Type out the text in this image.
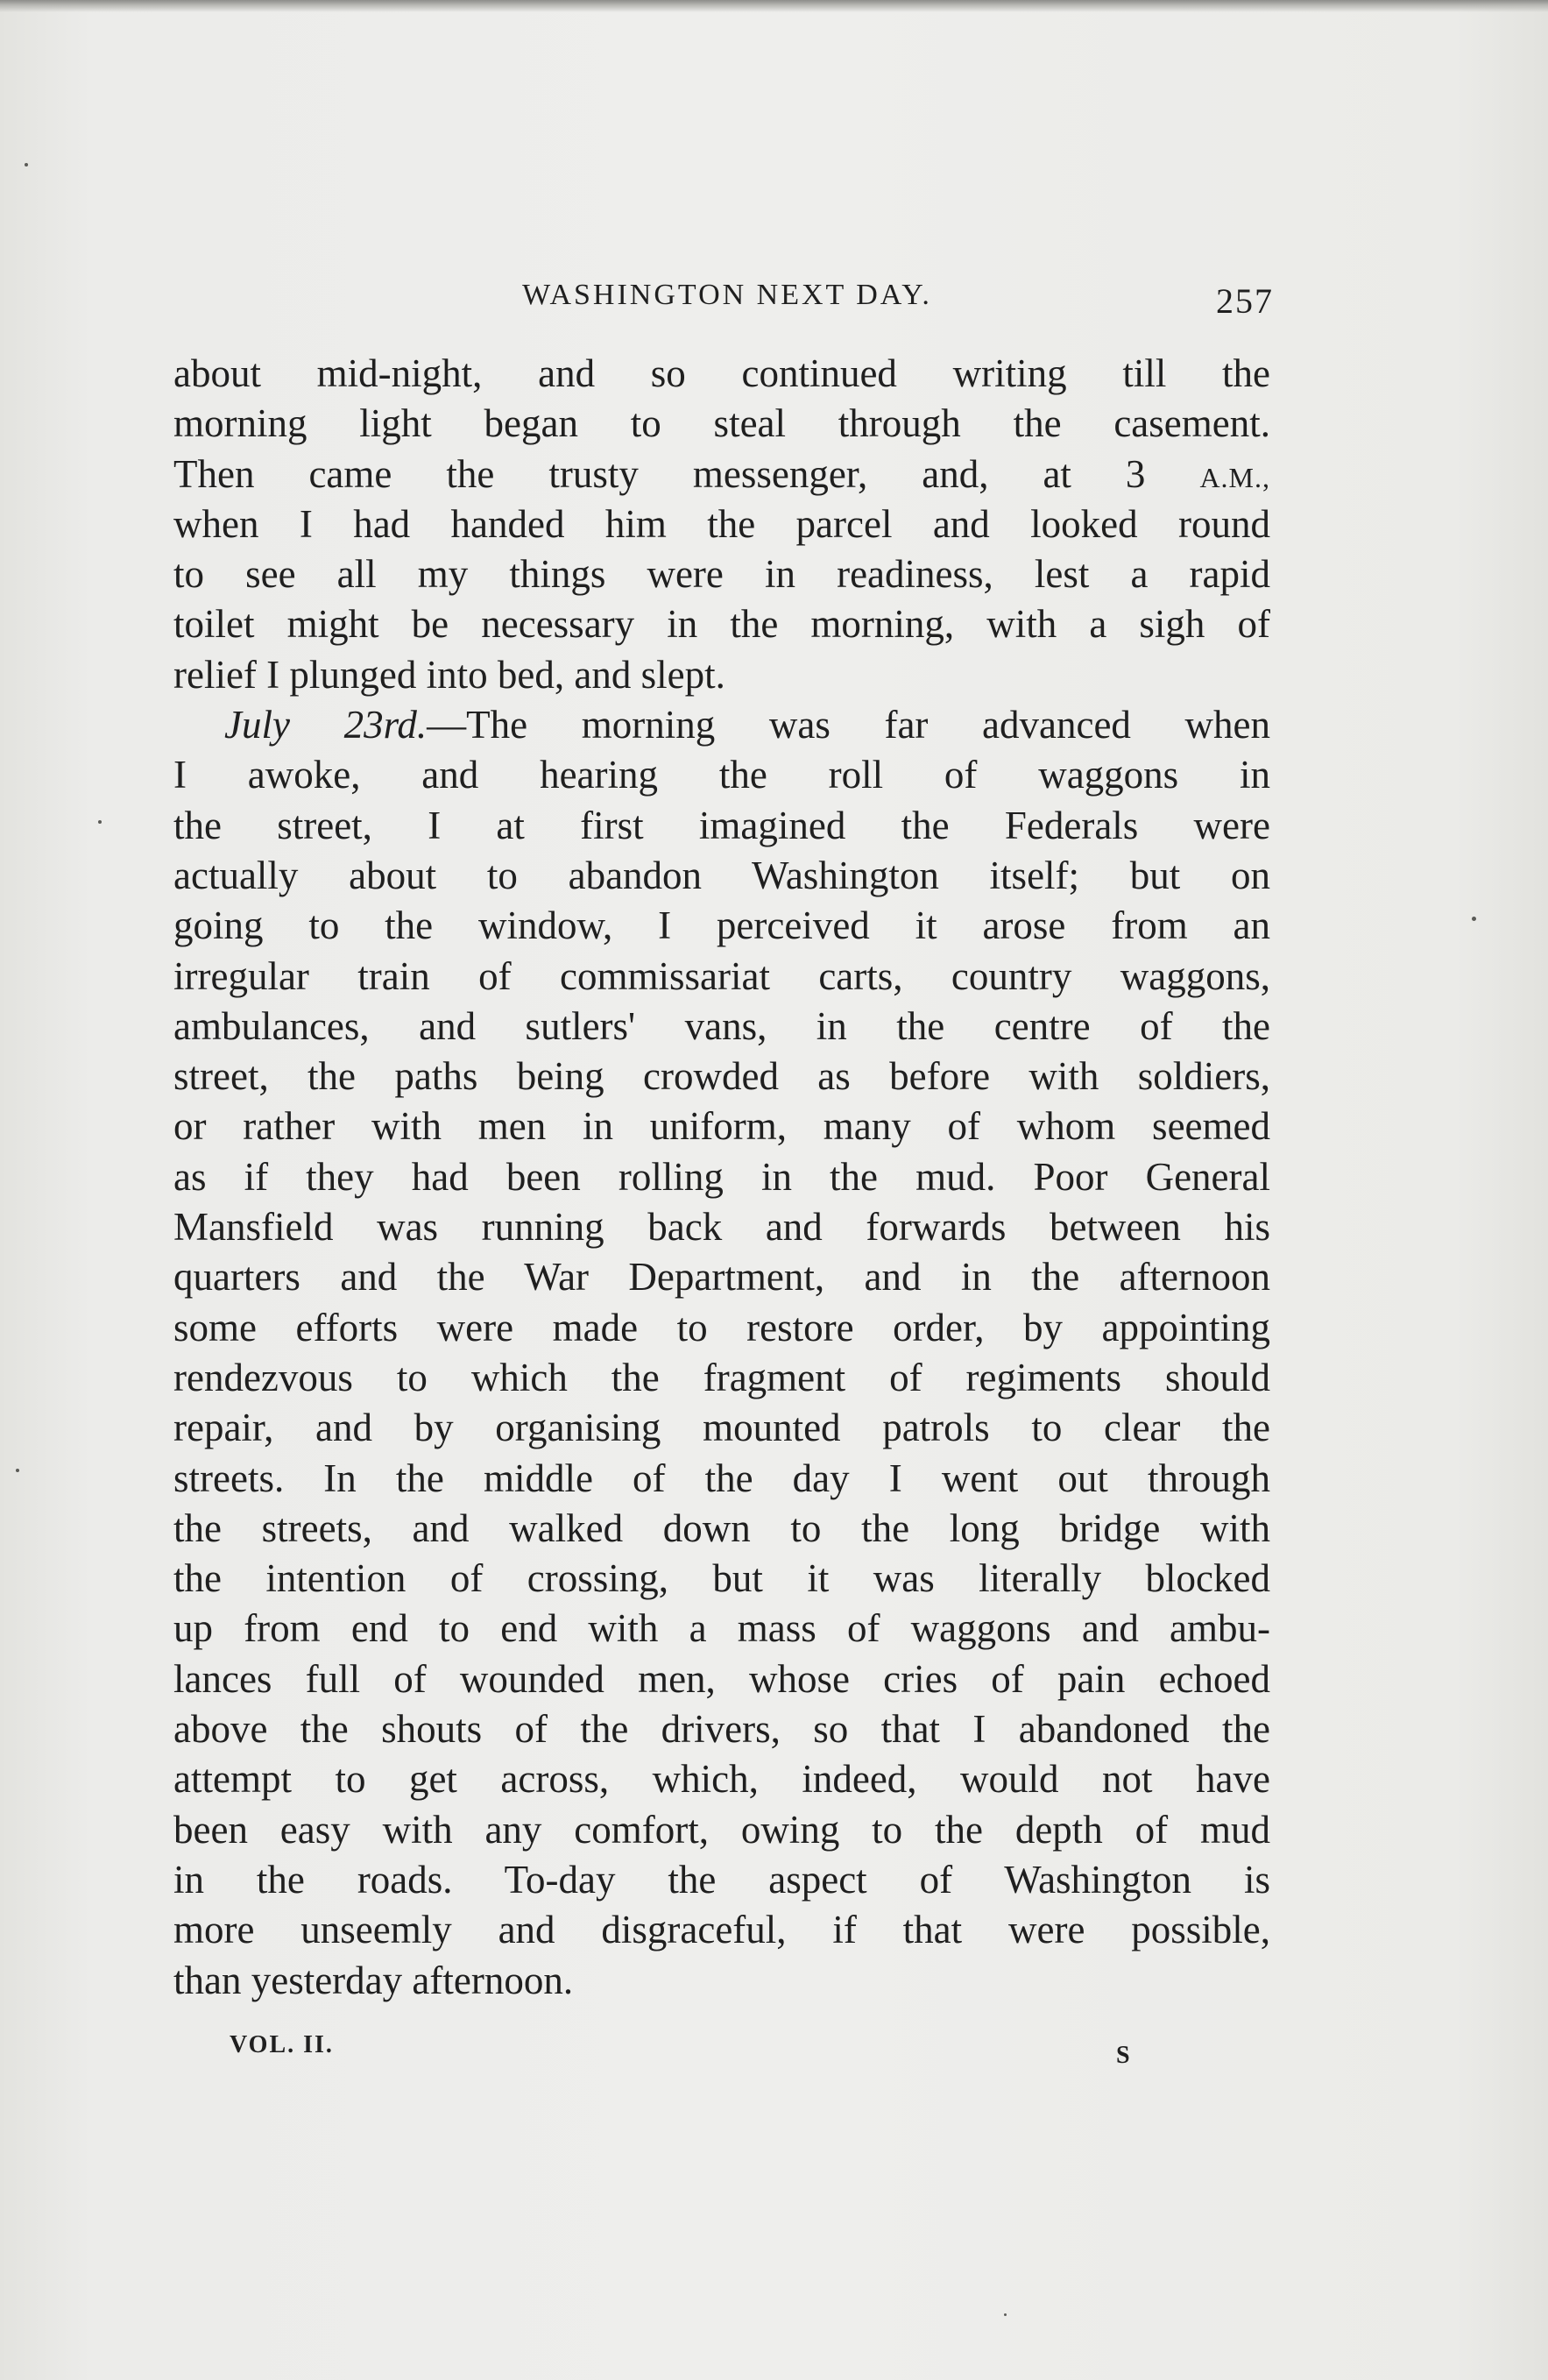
WASHINGTON NEXT DAY.	257
about mid-night, and so continued writing till the
morning light began to steal through the casement.
Then came the trusty messenger, and, at 3 A.M.,
when I had handed him the parcel and looked round
to see all my things were in readiness, lest a rapid
toilet might be necessary in the morning, with a sigh of
relief I plunged into bed, and slept.
July 23rd.—The morning was far advanced when
I awoke, and hearing the roll of waggons in
the street, I at first imagined the Federals were
actually about to abandon Washington itself; but on
going to the window, I perceived it arose from an
irregular train of commissariat carts, country waggons,
ambulances, and sutlers' vans, in the centre of the
street, the paths being crowded as before with soldiers,
or rather with men in uniform, many of whom seemed
as if they had been rolling in the mud. Poor General
Mansfield was running back and forwards between his
quarters and the War Department, and in the afternoon
some efforts were made to restore order, by appointing
rendezvous to which the fragment of regiments should
repair, and by organising mounted patrols to clear the
streets. In the middle of the day I went out through
the streets, and walked down to the long bridge with
the intention of crossing, but it was literally blocked
up from end to end with a mass of waggons and ambu-
lances full of wounded men, whose cries of pain echoed
above the shouts of the drivers, so that I abandoned the
attempt to get across, which, indeed, would not have
been easy with any comfort, owing to the depth of mud
in the roads. To-day the aspect of Washington is
more unseemly and disgraceful, if that were possible,
than yesterday afternoon.
VOL. II.	S
